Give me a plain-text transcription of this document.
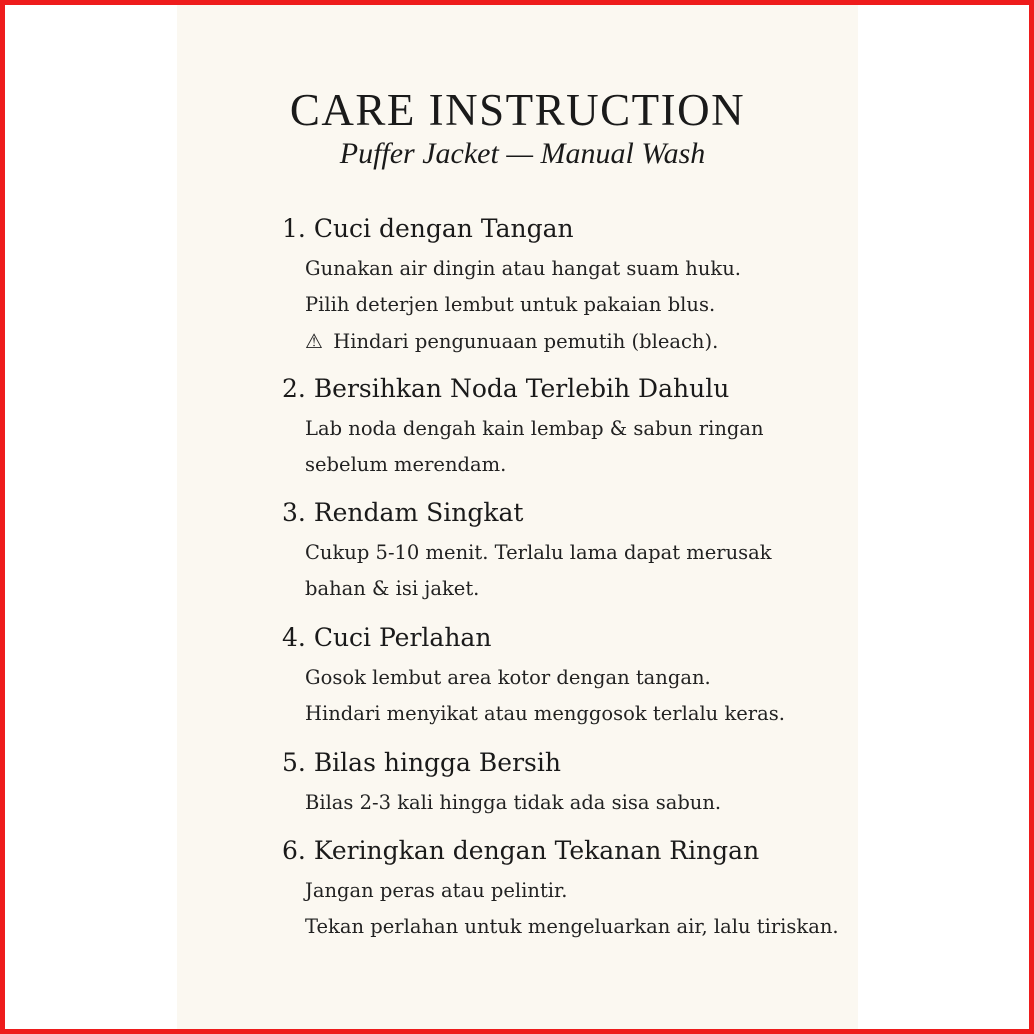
CARE INSTRUCTION
Puffer Jacket — Manual Wash
1. Cuci dengan Tangan
Gunakan air dingin atau hangat suam huku.
Pilih deterjen lembut untuk pakaian blus.
⚠ Hindari pengunuaan pemutih (bleach).
2. Bersihkan Noda Terlebih Dahulu
Lab noda dengah kain lembap & sabun ringan
sebelum merendam.
3. Rendam Singkat
Cukup 5-10 menit. Terlalu lama dapat merusak
bahan & isi jaket.
4. Cuci Perlahan
Gosok lembut area kotor dengan tangan.
Hindari menyikat atau menggosok terlalu keras.
5. Bilas hingga Bersih
Bilas 2-3 kali hingga tidak ada sisa sabun.
6. Keringkan dengan Tekanan Ringan
Jangan peras atau pelintir.
Tekan perlahan untuk mengeluarkan air, lalu tiriskan.
